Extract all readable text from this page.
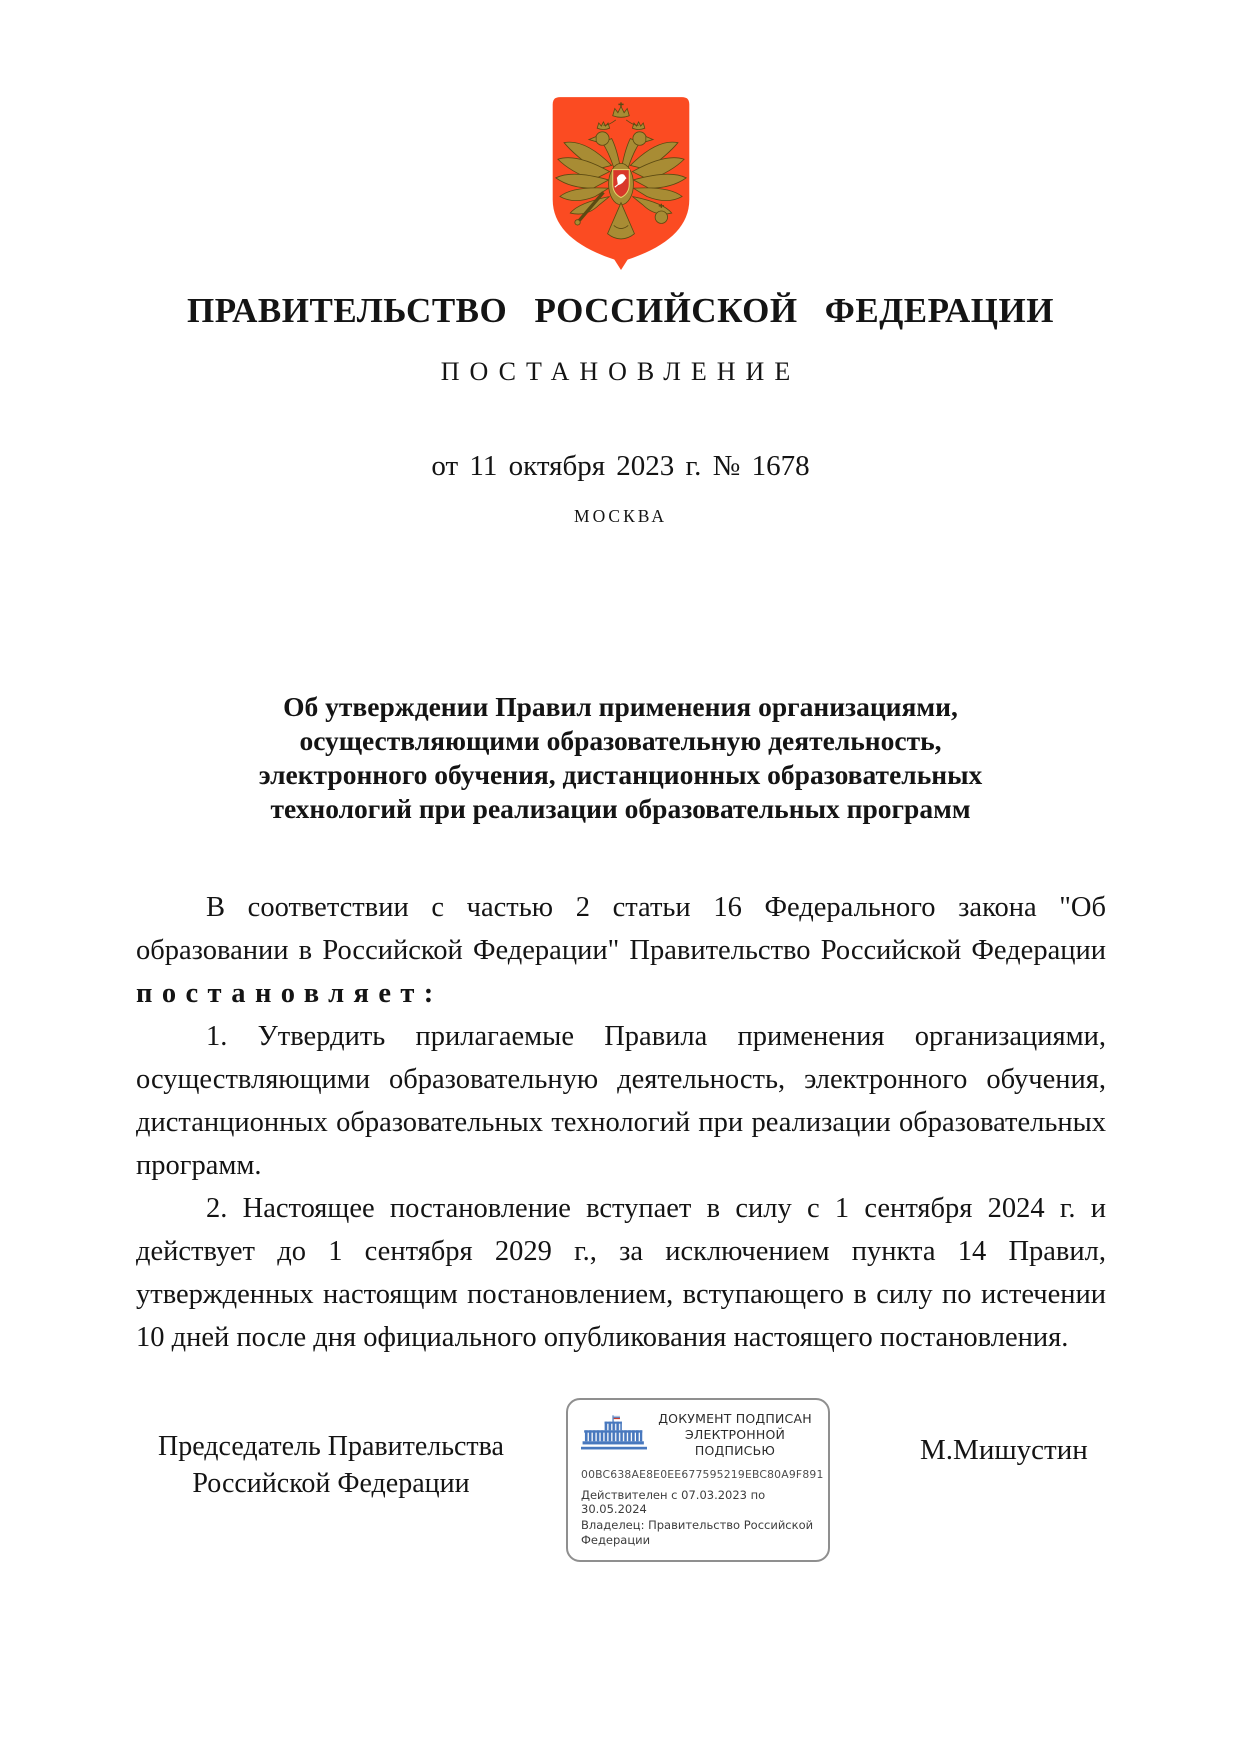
ПРАВИТЕЛЬСТВО РОССИЙСКОЙ ФЕДЕРАЦИИ
ПОСТАНОВЛЕНИЕ
от 11 октября 2023 г. № 1678
МОСКВА
Об утверждении Правил применения организациями,
осуществляющими образовательную деятельность,
электронного обучения, дистанционных образовательных
технологий при реализации образовательных программ

В соответствии с частью 2 статьи 16 Федерального закона "Об образовании в Российской Федерации" Правительство Российской Федерации постановляет:

1. Утвердить прилагаемые Правила применения организациями, осуществляющими образовательную деятельность, электронного обучения, дистанционных образовательных технологий при реализации образовательных программ.

2. Настоящее постановление вступает в силу с 1 сентября 2024 г. и действует до 1 сентября 2029 г., за исключением пункта 14 Правил, утвержденных настоящим постановлением, вступающего в силу по истечении 10 дней после дня официального опубликования настоящего постановления.

Председатель Правительства
Российской Федерации
ДОКУМЕНТ ПОДПИСАН
ЭЛЕКТРОННОЙ ПОДПИСЬЮ
00BC638AE8E0EE677595219EBC80A9F891
Действителен с 07.03.2023 по 30.05.2024
Владелец: Правительство Российской Федерации
М.Мишустин
